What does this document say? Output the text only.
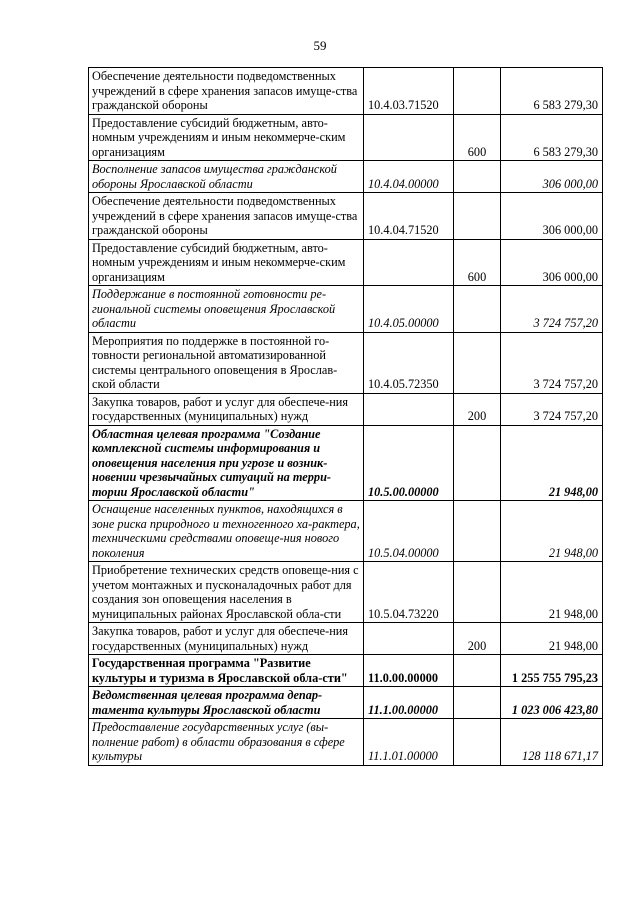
59
Обеспечение деятельности подведомственных учреждений в сфере хранения запасов имуще-ства гражданской обороны	10.4.03.71520		6 583 279,30
Предоставление субсидий бюджетным, авто-номным учреждениям и иным некоммерче-ским организациям		600	6 583 279,30
Восполнение запасов имущества гражданской обороны Ярославской области	10.4.04.00000		306 000,00
Обеспечение деятельности подведомственных учреждений в сфере хранения запасов имуще-ства гражданской обороны	10.4.04.71520		306 000,00
Предоставление субсидий бюджетным, авто-номным учреждениям и иным некоммерче-ским организациям		600	306 000,00
Поддержание в постоянной готовности ре-гиональной системы оповещения Ярославской области	10.4.05.00000		3 724 757,20
Мероприятия по поддержке в постоянной го-товности региональной автоматизированной системы центрального оповещения в Ярослав-ской области	10.4.05.72350		3 724 757,20
Закупка товаров, работ и услуг для обеспече-ния государственных (муниципальных) нужд		200	3 724 757,20
Областная целевая программа "Создание комплексной системы информирования и оповещения населения при угрозе и возник-новении чрезвычайных ситуаций на терри-тории Ярославской области"	10.5.00.00000		21 948,00
Оснащение населенных пунктов, находящихся в зоне риска природного и техногенного ха-рактера, техническими средствами оповеще-ния нового поколения	10.5.04.00000		21 948,00
Приобретение технических средств оповеще-ния с учетом монтажных и пусконаладочных работ для создания зон оповещения населения в муниципальных районах Ярославской обла-сти	10.5.04.73220		21 948,00
Закупка товаров, работ и услуг для обеспече-ния государственных (муниципальных) нужд		200	21 948,00
Государственная программа "Развитие культуры и туризма в Ярославской обла-сти"	11.0.00.00000		1 255 755 795,23
Ведомственная целевая программа депар-тамента культуры Ярославской области	11.1.00.00000		1 023 006 423,80
Предоставление государственных услуг (вы-полнение работ) в области образования в сфере культуры	11.1.01.00000		128 118 671,17
